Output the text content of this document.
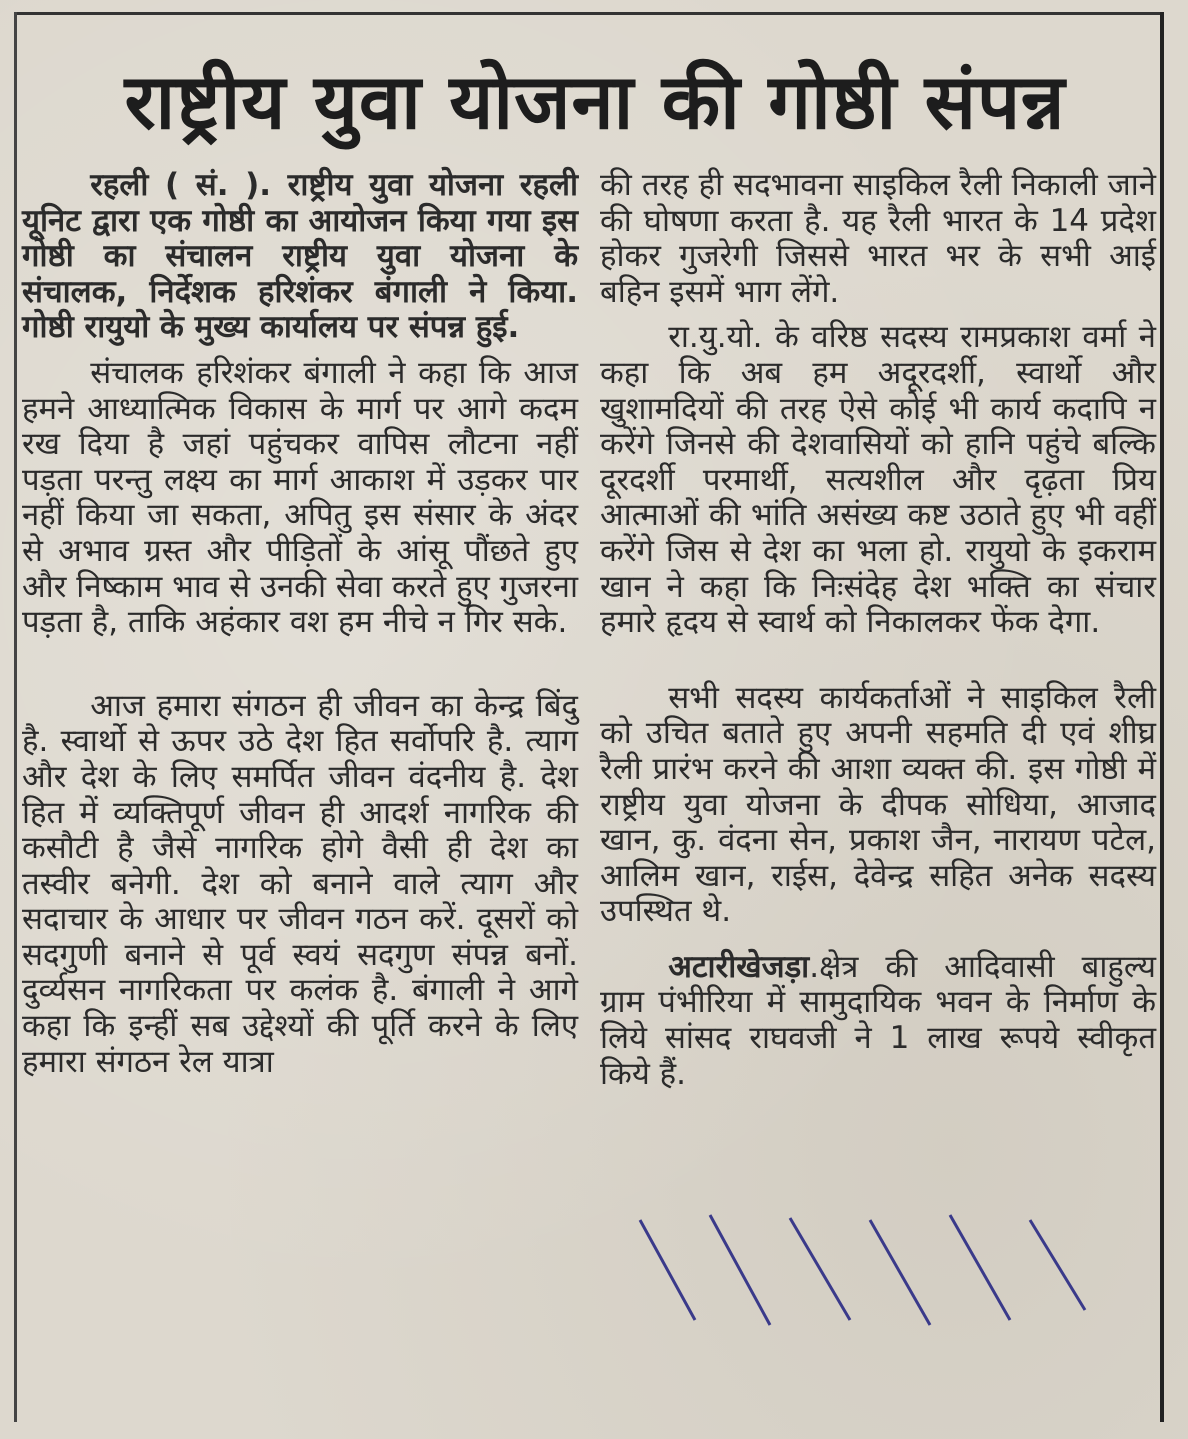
राष्ट्रीय युवा योजना की गोष्ठी संपन्न

रहली ( सं. ). राष्ट्रीय युवा योजना रहली यूनिट द्वारा एक गोष्ठी का आयोजन किया गया इस गोष्ठी का संचालन राष्ट्रीय युवा योजना के संचालक, निर्देशक हरिशंकर बंगाली ने किया. गोष्ठी रायुयो के मुख्य कार्यालय पर संपन्न हुई.

संचालक हरिशंकर बंगाली ने कहा कि आज हमने आध्यात्मिक विकास के मार्ग पर आगे कदम रख दिया है जहां पहुंचकर वापिस लौटना नहीं पड़ता परन्तु लक्ष्य का मार्ग आकाश में उड़कर पार नहीं किया जा सकता, अपितु इस संसार के अंदर से अभाव ग्रस्त और पीड़ितों के आंसू पौंछते हुए और निष्काम भाव से उनकी सेवा करते हुए गुजरना पड़ता है, ताकि अहंकार वश हम नीचे न गिर सके.

आज हमारा संगठन ही जीवन का केन्द्र बिंदु है. स्वार्थो से ऊपर उठे देश हित सर्वोपरि है. त्याग और देश के लिए समर्पित जीवन वंदनीय है. देश हित में व्यक्तिपूर्ण जीवन ही आदर्श नागरिक की कसौटी है जैसे नागरिक होगे वैसी ही देश का तस्वीर बनेगी. देश को बनाने वाले त्याग और सदाचार के आधार पर जीवन गठन करें. दूसरों को सदगुणी बनाने से पूर्व स्वयं सदगुण संपन्न बनों. दुर्व्यसन नागरिकता पर कलंक है. बंगाली ने आगे कहा कि इन्हीं सब उद्देश्यों की पूर्ति करने के लिए हमारा संगठन रेल यात्रा

की तरह ही सदभावना साइकिल रैली निकाली जाने की घोषणा करता है. यह रैली भारत के 14 प्रदेश होकर गुजरेगी जिससे भारत भर के सभी आई बहिन इसमें भाग लेंगे.

रा.यु.यो. के वरिष्ठ सदस्य रामप्रकाश वर्मा ने कहा कि अब हम अदूरदर्शी, स्वार्थो और खुशामदियों की तरह ऐसे कोई भी कार्य कदापि न करेंगे जिनसे की देशवासियों को हानि पहुंचे बल्कि दूरदर्शी परमार्थी, सत्यशील और दृढ़ता प्रिय आत्माओं की भांति असंख्य कष्ट उठाते हुए भी वहीं करेंगे जिस से देश का भला हो. रायुयो के इकराम खान ने कहा कि निःसंदेह देश भक्ति का संचार हमारे हृदय से स्वार्थ को निकालकर फेंक देगा.

सभी सदस्य कार्यकर्ताओं ने साइकिल रैली को उचित बताते हुए अपनी सहमति दी एवं शीघ्र रैली प्रारंभ करने की आशा व्यक्त की. इस गोष्ठी में राष्ट्रीय युवा योजना के दीपक सोधिया, आजाद खान, कु. वंदना सेन, प्रकाश जैन, नारायण पटेल, आलिम खान, राईस, देवेन्द्र सहित अनेक सदस्य उपस्थित थे.

अटारीखेजड़ा.क्षेत्र की आदिवासी बाहुल्य ग्राम पंभीरिया में सामुदायिक भवन के निर्माण के लिये सांसद राघवजी ने 1 लाख रूपये स्वीकृत किये हैं.
